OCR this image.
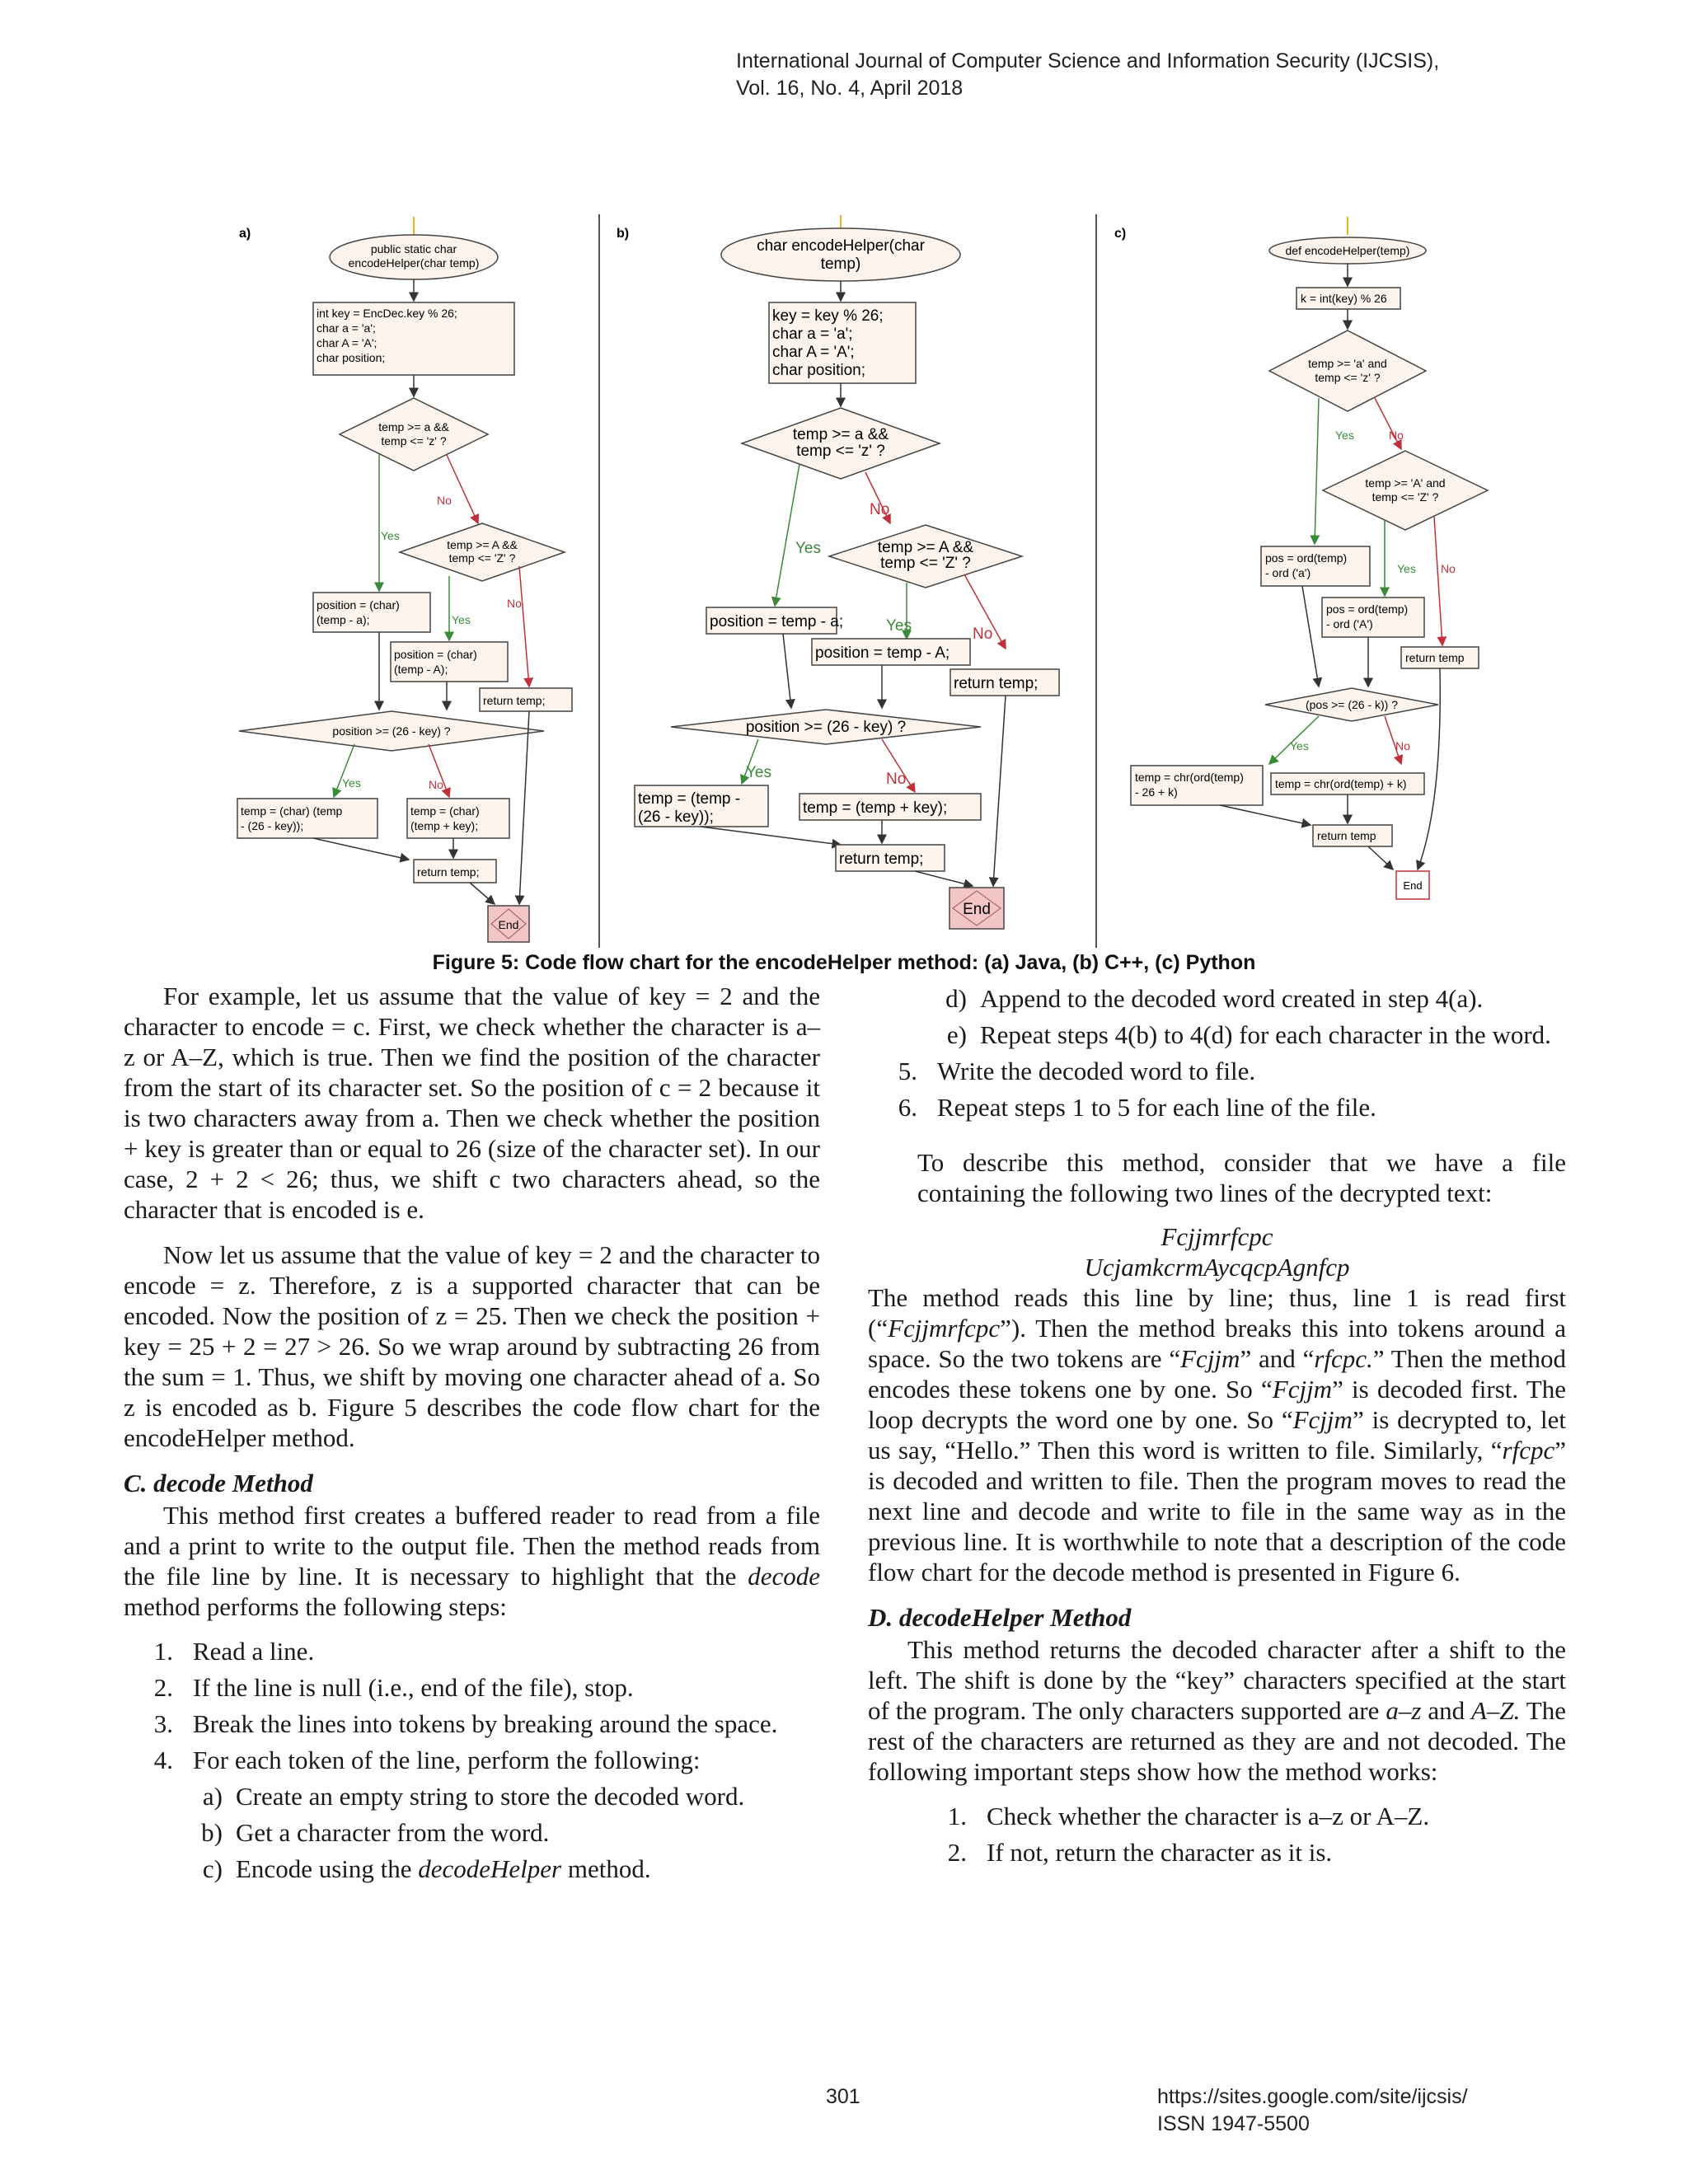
International Journal of Computer Science and Information Security (IJCSIS),
Vol. 16, No. 4, April 2018
a)
public static char
encodeHelper(char temp)
int key = EncDec.key % 26;
char a = 'a';
char A = 'A';
char position;
temp >= a &&
temp <= 'z' ?
No
Yes
temp >= A &&
temp <= 'Z' ?
No
Yes
position = (char)
(temp - a);
position = (char)
(temp - A);
return temp;
position >= (26 - key) ?
Yes	No
temp = (char) (temp
- (26 - key));
temp = (char)
(temp + key);
return temp;
End
b)
char encodeHelper(char
temp)
key = key % 26;
char a = 'a';
char A = 'A';
char position;
temp >= a &&
temp <= 'z' ?
No
Yes	temp >= A &&
temp <= 'Z' ?
No
Yes
position = temp - a;
position = temp - A;
return temp;
position >= (26 - key) ?
Yes	No
temp = (temp -
(26 - key));
temp = (temp + key);
return temp;
End
c)
def encodeHelper(temp)
k = int(key) % 26
temp >= 'a' and
temp <= 'z' ?
No
Yes
temp >= 'A' and
temp <= 'Z' ?
No
Yes
pos = ord(temp)
- ord ('a')
pos = ord(temp)
- ord ('A')
return temp
(pos >= (26 - k)) ?
Yes	No
temp = chr(ord(temp)
- 26 + k)
temp = chr(ord(temp) + k)
return temp
End
Figure 5: Code flow chart for the encodeHelper method: (a) Java, (b) C++, (c) Python

For example, let us assume that the value of key = 2 and the character to encode = c. First, we check whether the character is a–z or A–Z, which is true. Then we find the position of the character from the start of its character set. So the position of c = 2 because it is two characters away from a. Then we check whether the position + key is greater than or equal to 26 (size of the character set). In our case, 2 + 2 < 26; thus, we shift c two characters ahead, so the character that is encoded is e.

Now let us assume that the value of key = 2 and the character to encode = z. Therefore, z is a supported character that can be encoded. Now the position of z = 25. Then we check the position + key = 25 + 2 = 27 > 26. So we wrap around by subtracting 26 from the sum = 1. Thus, we shift by moving one character ahead of a. So z is encoded as b. Figure 5 describes the code flow chart for the encodeHelper method.

C. decode Method

This method first creates a buffered reader to read from a file and a print to write to the output file. Then the method reads from the file line by line. It is necessary to highlight that the decode method performs the following steps:

1. Read a line.
2. If the line is null (i.e., end of the file), stop.
3. Break the lines into tokens by breaking around the space.
4. For each token of the line, perform the following:
a) Create an empty string to store the decoded word.
b) Get a character from the word.
c) Encode using the decodeHelper method.
d) Append to the decoded word created in step 4(a).
e) Repeat steps 4(b) to 4(d) for each character in the word.
5. Write the decoded word to file.
6. Repeat steps 1 to 5 for each line of the file.

To describe this method, consider that we have a file containing the following two lines of the decrypted text:

Fcjjmrfcpc

UcjamkcrmAycqcpAgnfcp

The method reads this line by line; thus, line 1 is read first (“Fcjjmrfcpc”). Then the method breaks this into tokens around a space. So the two tokens are “Fcjjm” and “rfcpc.” Then the method encodes these tokens one by one. So “Fcjjm” is decoded first. The loop decrypts the word one by one. So “Fcjjm” is decrypted to, let us say, “Hello.” Then this word is written to file. Similarly, “rfcpc” is decoded and written to file. Then the program moves to read the next line and decode and write to file in the same way as in the previous line. It is worthwhile to note that a description of the code flow chart for the decode method is presented in Figure 6.

D. decodeHelper Method

This method returns the decoded character after a shift to the left. The shift is done by the “key” characters specified at the start of the program. The only characters supported are a–z and A–Z. The rest of the characters are returned as they are and not decoded. The following important steps show how the method works:

1. Check whether the character is a–z or A–Z.
2. If not, return the character as it is.
301	https://sites.google.com/site/ijcsis/
ISSN 1947-5500
